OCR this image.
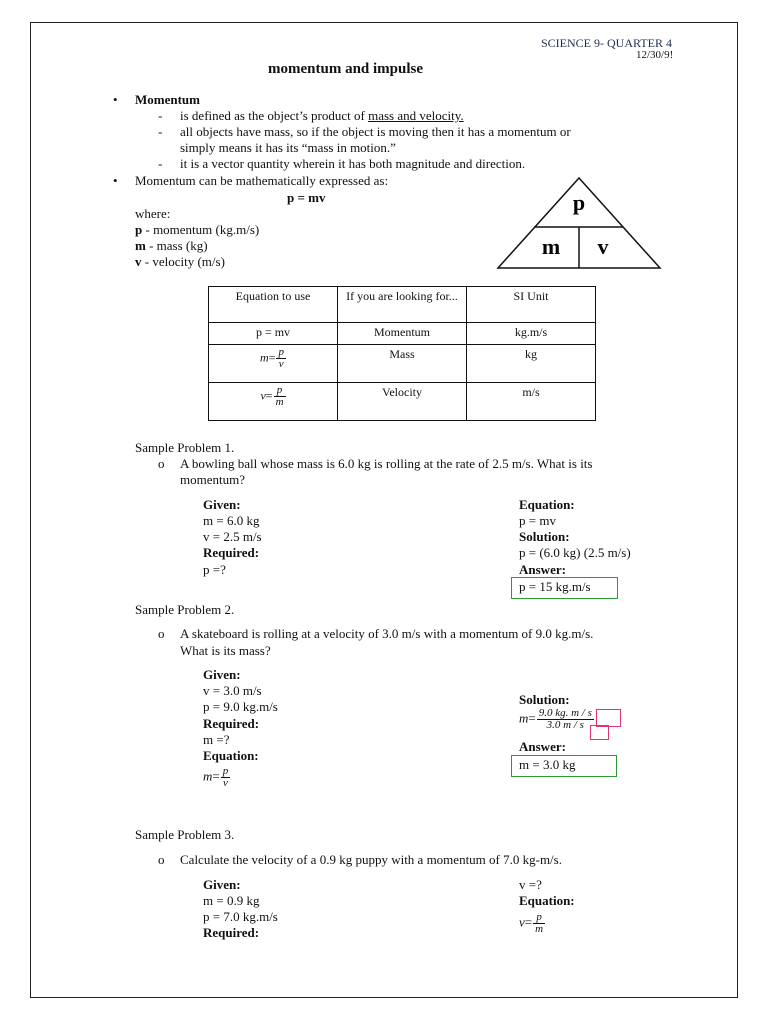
SCIENCE 9- QUARTER 4
12/30/9!
momentum and impulse
• Momentum
- is defined as the object’s product of mass and velocity.
- all objects have mass, so if the object is moving then it has a momentum or
simply means it has its “mass in motion.”
- it is a vector quantity wherein it has both magnitude and direction.
• Momentum can be mathematically expressed as:
p = mv
where:
p - momentum (kg.m/s)
m - mass (kg)
v - velocity (m/s)
p
m v
Equation to use	If you are looking for...	SI Unit
p = mv	Momentum	kg.m/s
$m= \frac{p}{v}$	Mass	kg
$v= \frac{p}{m}$	Velocity	m/s
Sample Problem 1.
o A bowling ball whose mass is 6.0 kg is rolling at the rate of 2.5 m/s. What is its
momentum?
Given:
m = 6.0 kg
v = 2.5 m/s
Required:
p =?
Equation:
p = mv
Solution:
p = (6.0 kg) (2.5 m/s)
Answer:
p = 15 kg.m/s
Sample Problem 2.
o A skateboard is rolling at a velocity of 3.0 m/s with a momentum of 9.0 kg.m/s.
What is its mass?
Given:
v = 3.0 m/s
p = 9.0 kg.m/s
Required:
m =?
Equation:
$m= \frac{p}{v}$
Solution:
$m= \frac{9.0 kg. m / s}{3.0 m / s}$
Answer:
m = 3.0 kg
Sample Problem 3.
o Calculate the velocity of a 0.9 kg puppy with a momentum of 7.0 kg-m/s.
Given:
m = 0.9 kg
p = 7.0 kg.m/s
Required:
v =?
Equation:
$v= \frac{p}{m}$
